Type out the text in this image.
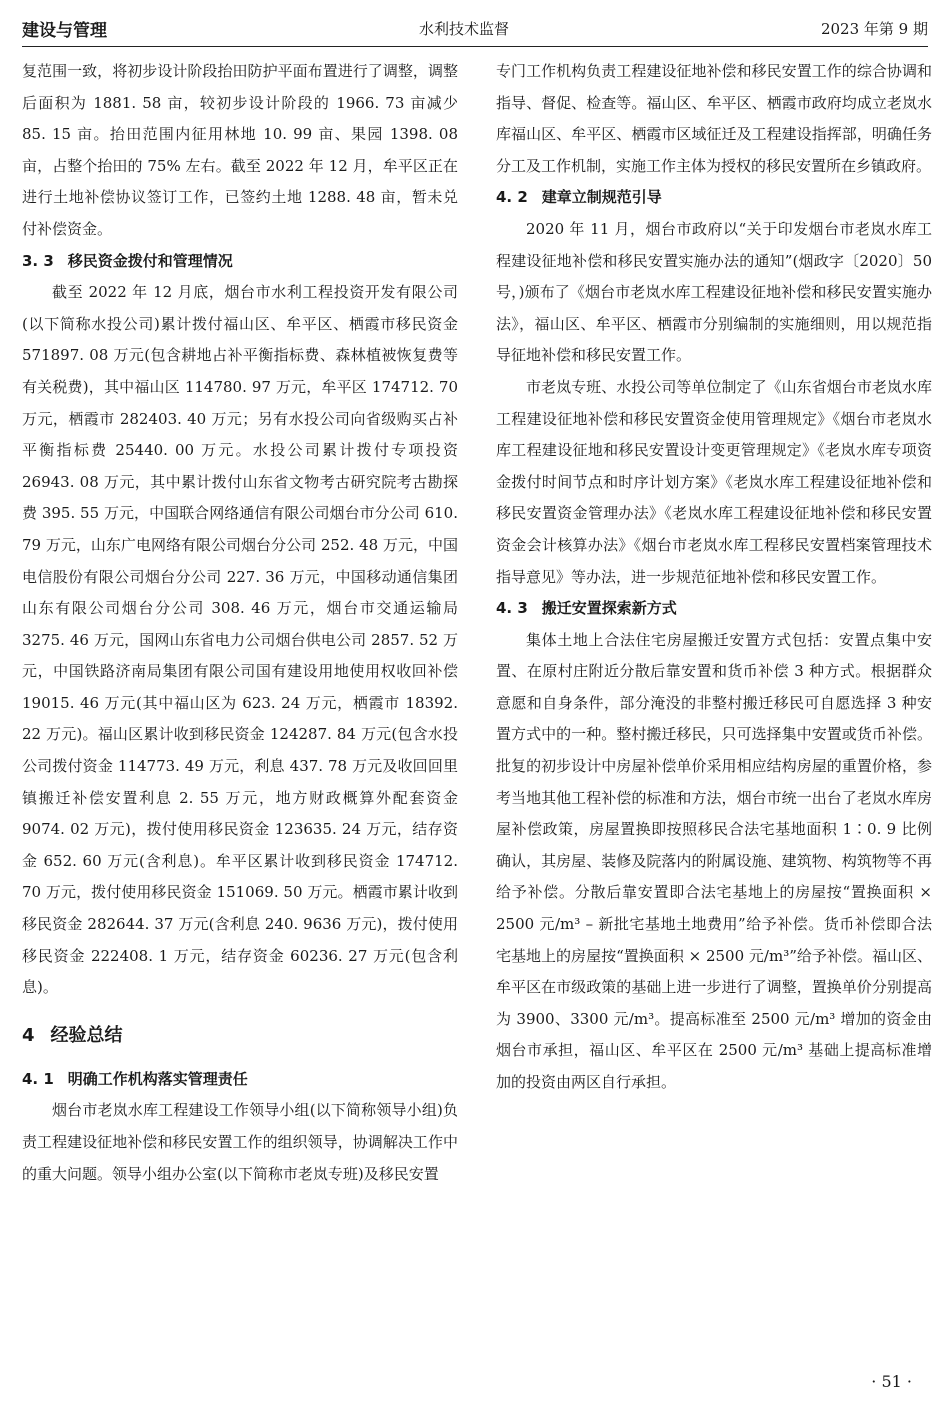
建设与管理	水利技术监督	2023 年第 9 期

复范围一致，将初步设计阶段抬田防护平面布置进行了调整，调整后面积为 1881. 58 亩，较初步设计阶段的 1966. 73 亩减少 85. 15 亩。抬田范围内征用林地 10. 99 亩、果园 1398. 08 亩，占整个抬田的 75% 左右。截至 2022 年 12 月，牟平区正在进行土地补偿协议签订工作，已签约土地 1288. 48 亩，暂未兑付补偿资金。

3. 3 移民资金拨付和管理情况

截至 2022 年 12 月底，烟台市水利工程投资开发有限公司(以下简称水投公司)累计拨付福山区、牟平区、栖霞市移民资金 571897. 08 万元(包含耕地占补平衡指标费、森林植被恢复费等有关税费)，其中福山区 114780. 97 万元，牟平区 174712. 70 万元，栖霞市 282403. 40 万元；另有水投公司向省级购买占补平衡指标费 25440. 00 万元。水投公司累计拨付专项投资 26943. 08 万元，其中累计拨付山东省文物考古研究院考古勘探费 395. 55 万元，中国联合网络通信有限公司烟台市分公司 610. 79 万元，山东广电网络有限公司烟台分公司 252. 48 万元，中国电信股份有限公司烟台分公司 227. 36 万元，中国移动通信集团山东有限公司烟台分公司 308. 46 万元，烟台市交通运输局 3275. 46 万元，国网山东省电力公司烟台供电公司 2857. 52 万元，中国铁路济南局集团有限公司国有建设用地使用权收回补偿 19015. 46 万元(其中福山区为 623. 24 万元，栖霞市 18392. 22 万元)。福山区累计收到移民资金 124287. 84 万元(包含水投公司拨付资金 114773. 49 万元，利息 437. 78 万元及收回回里镇搬迁补偿安置利息 2. 55 万元，地方财政概算外配套资金 9074. 02 万元)，拨付使用移民资金 123635. 24 万元，结存资金 652. 60 万元(含利息)。牟平区累计收到移民资金 174712. 70 万元，拨付使用移民资金 151069. 50 万元。栖霞市累计收到移民资金 282644. 37 万元(含利息 240. 9636 万元)，拨付使用移民资金 222408. 1 万元，结存资金 60236. 27 万元(包含利息)。

4 经验总结
4. 1 明确工作机构落实管理责任

烟台市老岚水库工程建设工作领导小组(以下简称领导小组)负责工程建设征地补偿和移民安置工作的组织领导，协调解决工作中的重大问题。领导小组办公室(以下简称市老岚专班)及移民安置

专门工作机构负责工程建设征地补偿和移民安置工作的综合协调和指导、督促、检查等。福山区、牟平区、栖霞市政府均成立老岚水库福山区、牟平区、栖霞市区域征迁及工程建设指挥部，明确任务分工及工作机制，实施工作主体为授权的移民安置所在乡镇政府。

4. 2 建章立制规范引导

2020 年 11 月，烟台市政府以“关于印发烟台市老岚水库工程建设征地补偿和移民安置实施办法的通知”(烟政字〔2020〕50 号，)颁布了《烟台市老岚水库工程建设征地补偿和移民安置实施办法》，福山区、牟平区、栖霞市分别编制的实施细则，用以规范指导征地补偿和移民安置工作。

市老岚专班、水投公司等单位制定了《山东省烟台市老岚水库工程建设征地补偿和移民安置资金使用管理规定》《烟台市老岚水库工程建设征地和移民安置设计变更管理规定》《老岚水库专项资金拨付时间节点和时序计划方案》《老岚水库工程建设征地补偿和移民安置资金管理办法》《老岚水库工程建设征地补偿和移民安置资金会计核算办法》《烟台市老岚水库工程移民安置档案管理技术指导意见》等办法，进一步规范征地补偿和移民安置工作。

4. 3 搬迁安置探索新方式

集体土地上合法住宅房屋搬迁安置方式包括：安置点集中安置、在原村庄附近分散后靠安置和货币补偿 3 种方式。根据群众意愿和自身条件，部分淹没的非整村搬迁移民可自愿选择 3 种安置方式中的一种。整村搬迁移民，只可选择集中安置或货币补偿。批复的初步设计中房屋补偿单价采用相应结构房屋的重置价格，参考当地其他工程补偿的标准和方法，烟台市统一出台了老岚水库房屋补偿政策，房屋置换即按照移民合法宅基地面积 1∶0. 9 比例确认，其房屋、装修及院落内的附属设施、建筑物、构筑物等不再给予补偿。分散后靠安置即合法宅基地上的房屋按“置换面积 × 2500 元/m³ – 新批宅基地土地费用”给予补偿。货币补偿即合法宅基地上的房屋按“置换面积 × 2500 元/m³”给予补偿。福山区、牟平区在市级政策的基础上进一步进行了调整，置换单价分别提高为 3900、3300 元/m³。提高标准至 2500 元/m³ 增加的资金由烟台市承担，福山区、牟平区在 2500 元/m³ 基础上提高标准增加的投资由两区自行承担。

· 51 ·
